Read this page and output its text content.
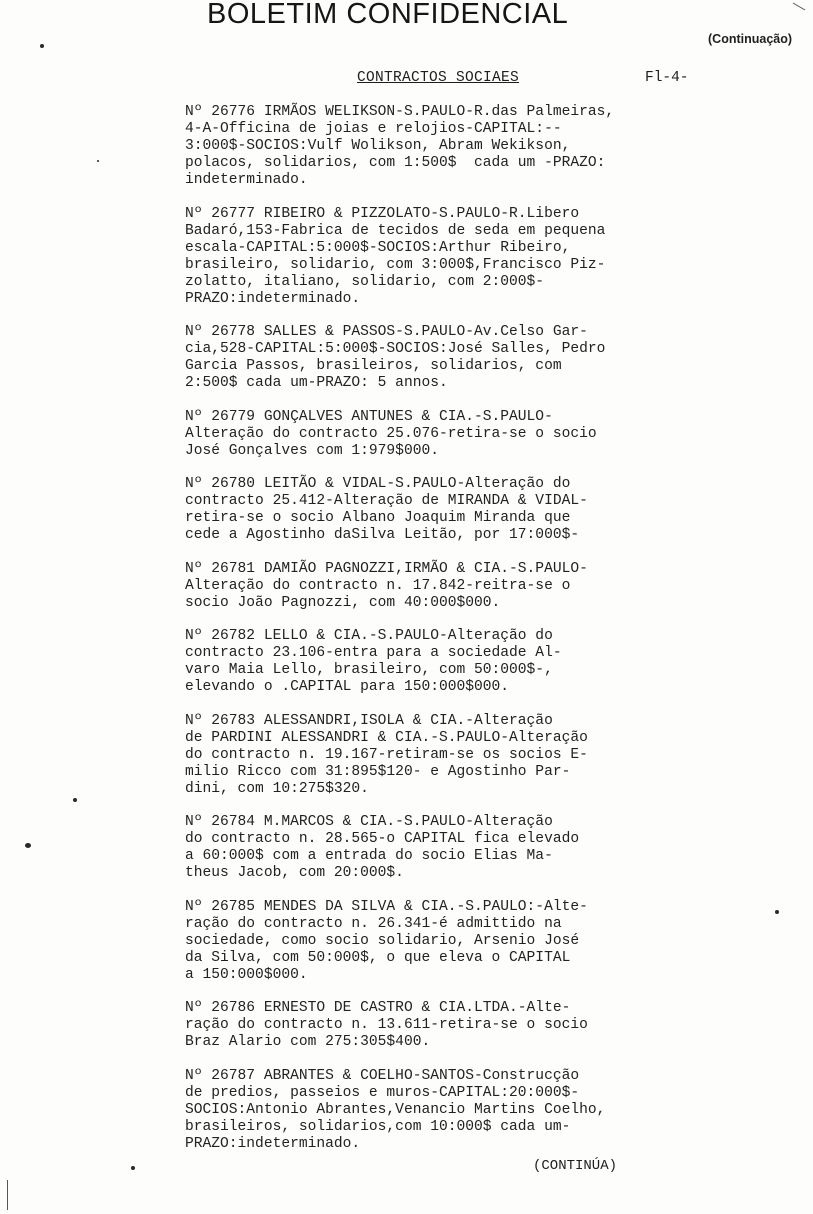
BOLETIM CONFIDENCIAL
(Continuação)
CONTRACTOS SOCIAES	Fl-4-
Nº 26776 IRMÃOS WELIKSON-S.PAULO-R.das Palmeiras,
4-A-Officina de joias e relojios-CAPITAL:--
3:000$-SOCIOS:Vulf Wolikson, Abram Wekikson,
polacos, solidarios, com 1:500$  cada um -PRAZO:
indeterminado.
Nº 26777 RIBEIRO & PIZZOLATO-S.PAULO-R.Libero
Badaró,153-Fabrica de tecidos de seda em pequena
escala-CAPITAL:5:000$-SOCIOS:Arthur Ribeiro,
brasileiro, solidario, com 3:000$,Francisco Piz-
zolatto, italiano, solidario, com 2:000$-
PRAZO:indeterminado.
Nº 26778 SALLES & PASSOS-S.PAULO-Av.Celso Gar-
cia,528-CAPITAL:5:000$-SOCIOS:José Salles, Pedro
Garcia Passos, brasileiros, solidarios, com
2:500$ cada um-PRAZO: 5 annos.
Nº 26779 GONÇALVES ANTUNES & CIA.-S.PAULO-
Alteração do contracto 25.076-retira-se o socio
José Gonçalves com 1:979$000.
Nº 26780 LEITÃO & VIDAL-S.PAULO-Alteração do
contracto 25.412-Alteração de MIRANDA & VIDAL-
retira-se o socio Albano Joaquim Miranda que
cede a Agostinho daSilva Leitão, por 17:000$-
Nº 26781 DAMIÃO PAGNOZZI,IRMÃO & CIA.-S.PAULO-
Alteração do contracto n. 17.842-reitra-se o
socio João Pagnozzi, com 40:000$000.
Nº 26782 LELLO & CIA.-S.PAULO-Alteração do
contracto 23.106-entra para a sociedade Al-
varo Maia Lello, brasileiro, com 50:000$-,
elevando o .CAPITAL para 150:000$000.
Nº 26783 ALESSANDRI,ISOLA & CIA.-Alteração
de PARDINI ALESSANDRI & CIA.-S.PAULO-Alteração
do contracto n. 19.167-retiram-se os socios E-
milio Ricco com 31:895$120- e Agostinho Par-
dini, com 10:275$320.
Nº 26784 M.MARCOS & CIA.-S.PAULO-Alteração
do contracto n. 28.565-o CAPITAL fica elevado
a 60:000$ com a entrada do socio Elias Ma-
theus Jacob, com 20:000$.
Nº 26785 MENDES DA SILVA & CIA.-S.PAULO:-Alte-
ração do contracto n. 26.341-é admittido na
sociedade, como socio solidario, Arsenio José
da Silva, com 50:000$, o que eleva o CAPITAL
a 150:000$000.
Nº 26786 ERNESTO DE CASTRO & CIA.LTDA.-Alte-
ração do contracto n. 13.611-retira-se o socio
Braz Alario com 275:305$400.
Nº 26787 ABRANTES & COELHO-SANTOS-Construcção
de predios, passeios e muros-CAPITAL:20:000$-
SOCIOS:Antonio Abrantes,Venancio Martins Coelho,
brasileiros, solidarios,com 10:000$ cada um-
PRAZO:indeterminado.
(CONTINÚA)
